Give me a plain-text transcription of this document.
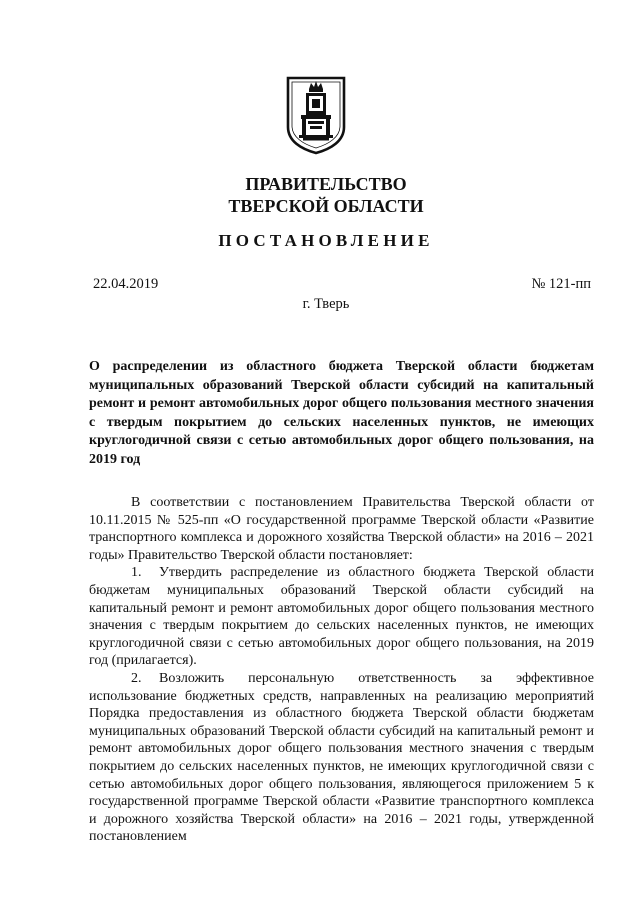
ПРАВИТЕЛЬСТВО
ТВЕРСКОЙ ОБЛАСТИ
ПОСТАНОВЛЕНИЕ
22.04.2019	№ 121-пп
г. Тверь
О распределении из областного бюджета Тверской области бюджетам муниципальных образований Тверской области субсидий на капитальный ремонт и ремонт автомобильных дорог общего пользования местного значения с твердым покрытием до сельских населенных пунктов, не имеющих круглогодичной связи с сетью автомобильных дорог общего пользования, на 2019 год

В соответствии с постановлением Правительства Тверской области от 10.11.2015 № 525-пп «О государственной программе Тверской области «Развитие транспортного комплекса и дорожного хозяйства Тверской области» на 2016 – 2021 годы» Правительство Тверской области постановляет:

1. Утвердить распределение из областного бюджета Тверской области бюджетам муниципальных образований Тверской области субсидий на капитальный ремонт и ремонт автомобильных дорог общего пользования местного значения с твердым покрытием до сельских населенных пунктов, не имеющих круглогодичной связи с сетью автомобильных дорог общего пользования, на 2019 год (прилагается).

2. Возложить персональную ответственность за эффективное использование бюджетных средств, направленных на реализацию мероприятий Порядка предоставления из областного бюджета Тверской области бюджетам муниципальных образований Тверской области субсидий на капитальный ремонт и ремонт автомобильных дорог общего пользования местного значения с твердым покрытием до сельских населенных пунктов, не имеющих круглогодичной связи с сетью автомобильных дорог общего пользования, являющегося приложением 5 к государственной программе Тверской области «Развитие транспортного комплекса и дорожного хозяйства Тверской области» на 2016 – 2021 годы, утвержденной постановлением
